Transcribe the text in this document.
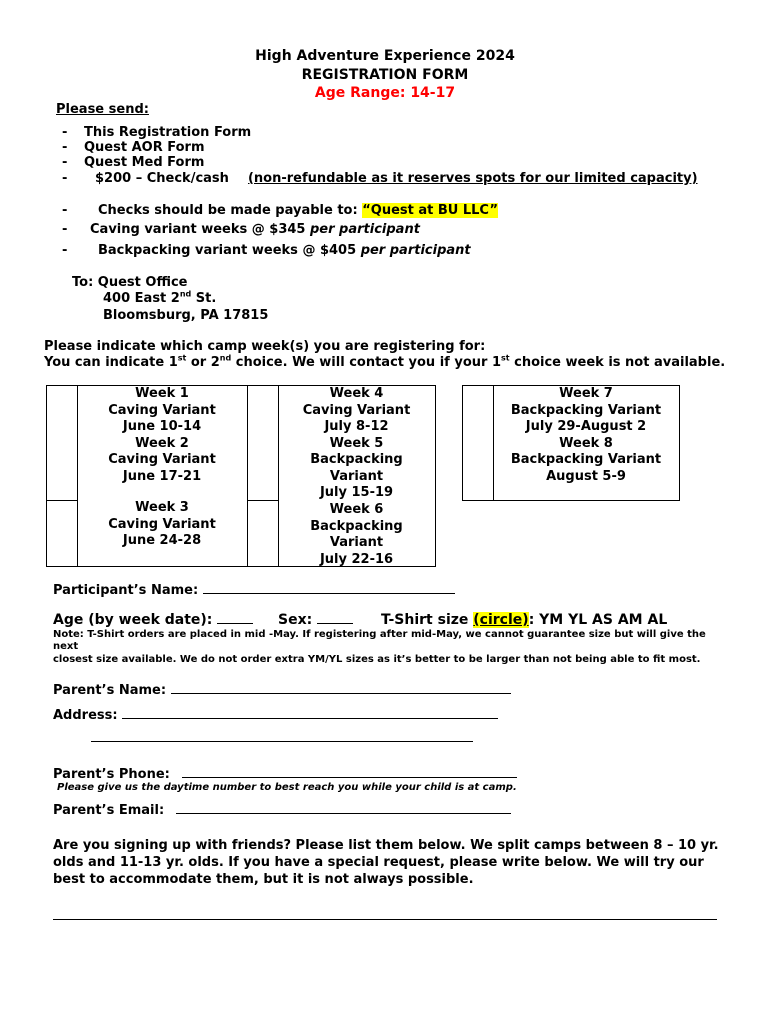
High Adventure Experience 2024
REGISTRATION FORM
Age Range: 14-17
Please send:
- This Registration Form
- Quest AOR Form
- Quest Med Form
- $200 – Check/cash (non-refundable as it reserves spots for our limited capacity)
- Checks should be made payable to: “Quest at BU LLC”
- Caving variant weeks @ $345 per participant
- Backpacking variant weeks @ $405 per participant
To: Quest Office
400 East 2nd St.
Bloomsburg, PA 17815
Please indicate which camp week(s) you are registering for:
You can indicate 1st or 2nd choice. We will contact you if your 1st choice week is not available.
Week 1
Caving Variant
June 10-14
Week 2
Caving Variant
June 17-21
Week 3
Caving Variant
June 24-28
Week 4
Caving Variant
July 8-12
Week 5
Backpacking
Variant
July 15-19
Week 6
Backpacking
Variant
July 22-16
Week 7
Backpacking Variant
July 29-August 2
Week 8
Backpacking Variant
August 5-9
Participant’s Name:
Age (by week date):	Sex:	T-Shirt size (circle): YM YL AS AM AL
Note: T-Shirt orders are placed in mid -May. If registering after mid-May, we cannot guarantee size but will give the
next
closest size available. We do not order extra YM/YL sizes as it’s better to be larger than not being able to fit most.
Parent’s Name:
Address:
Parent’s Phone:
Please give us the daytime number to best reach you while your child is at camp.
Parent’s Email:
Are you signing up with friends? Please list them below. We split camps between 8 – 10 yr.
olds and 11-13 yr. olds. If you have a special request, please write below. We will try our
best to accommodate them, but it is not always possible.
